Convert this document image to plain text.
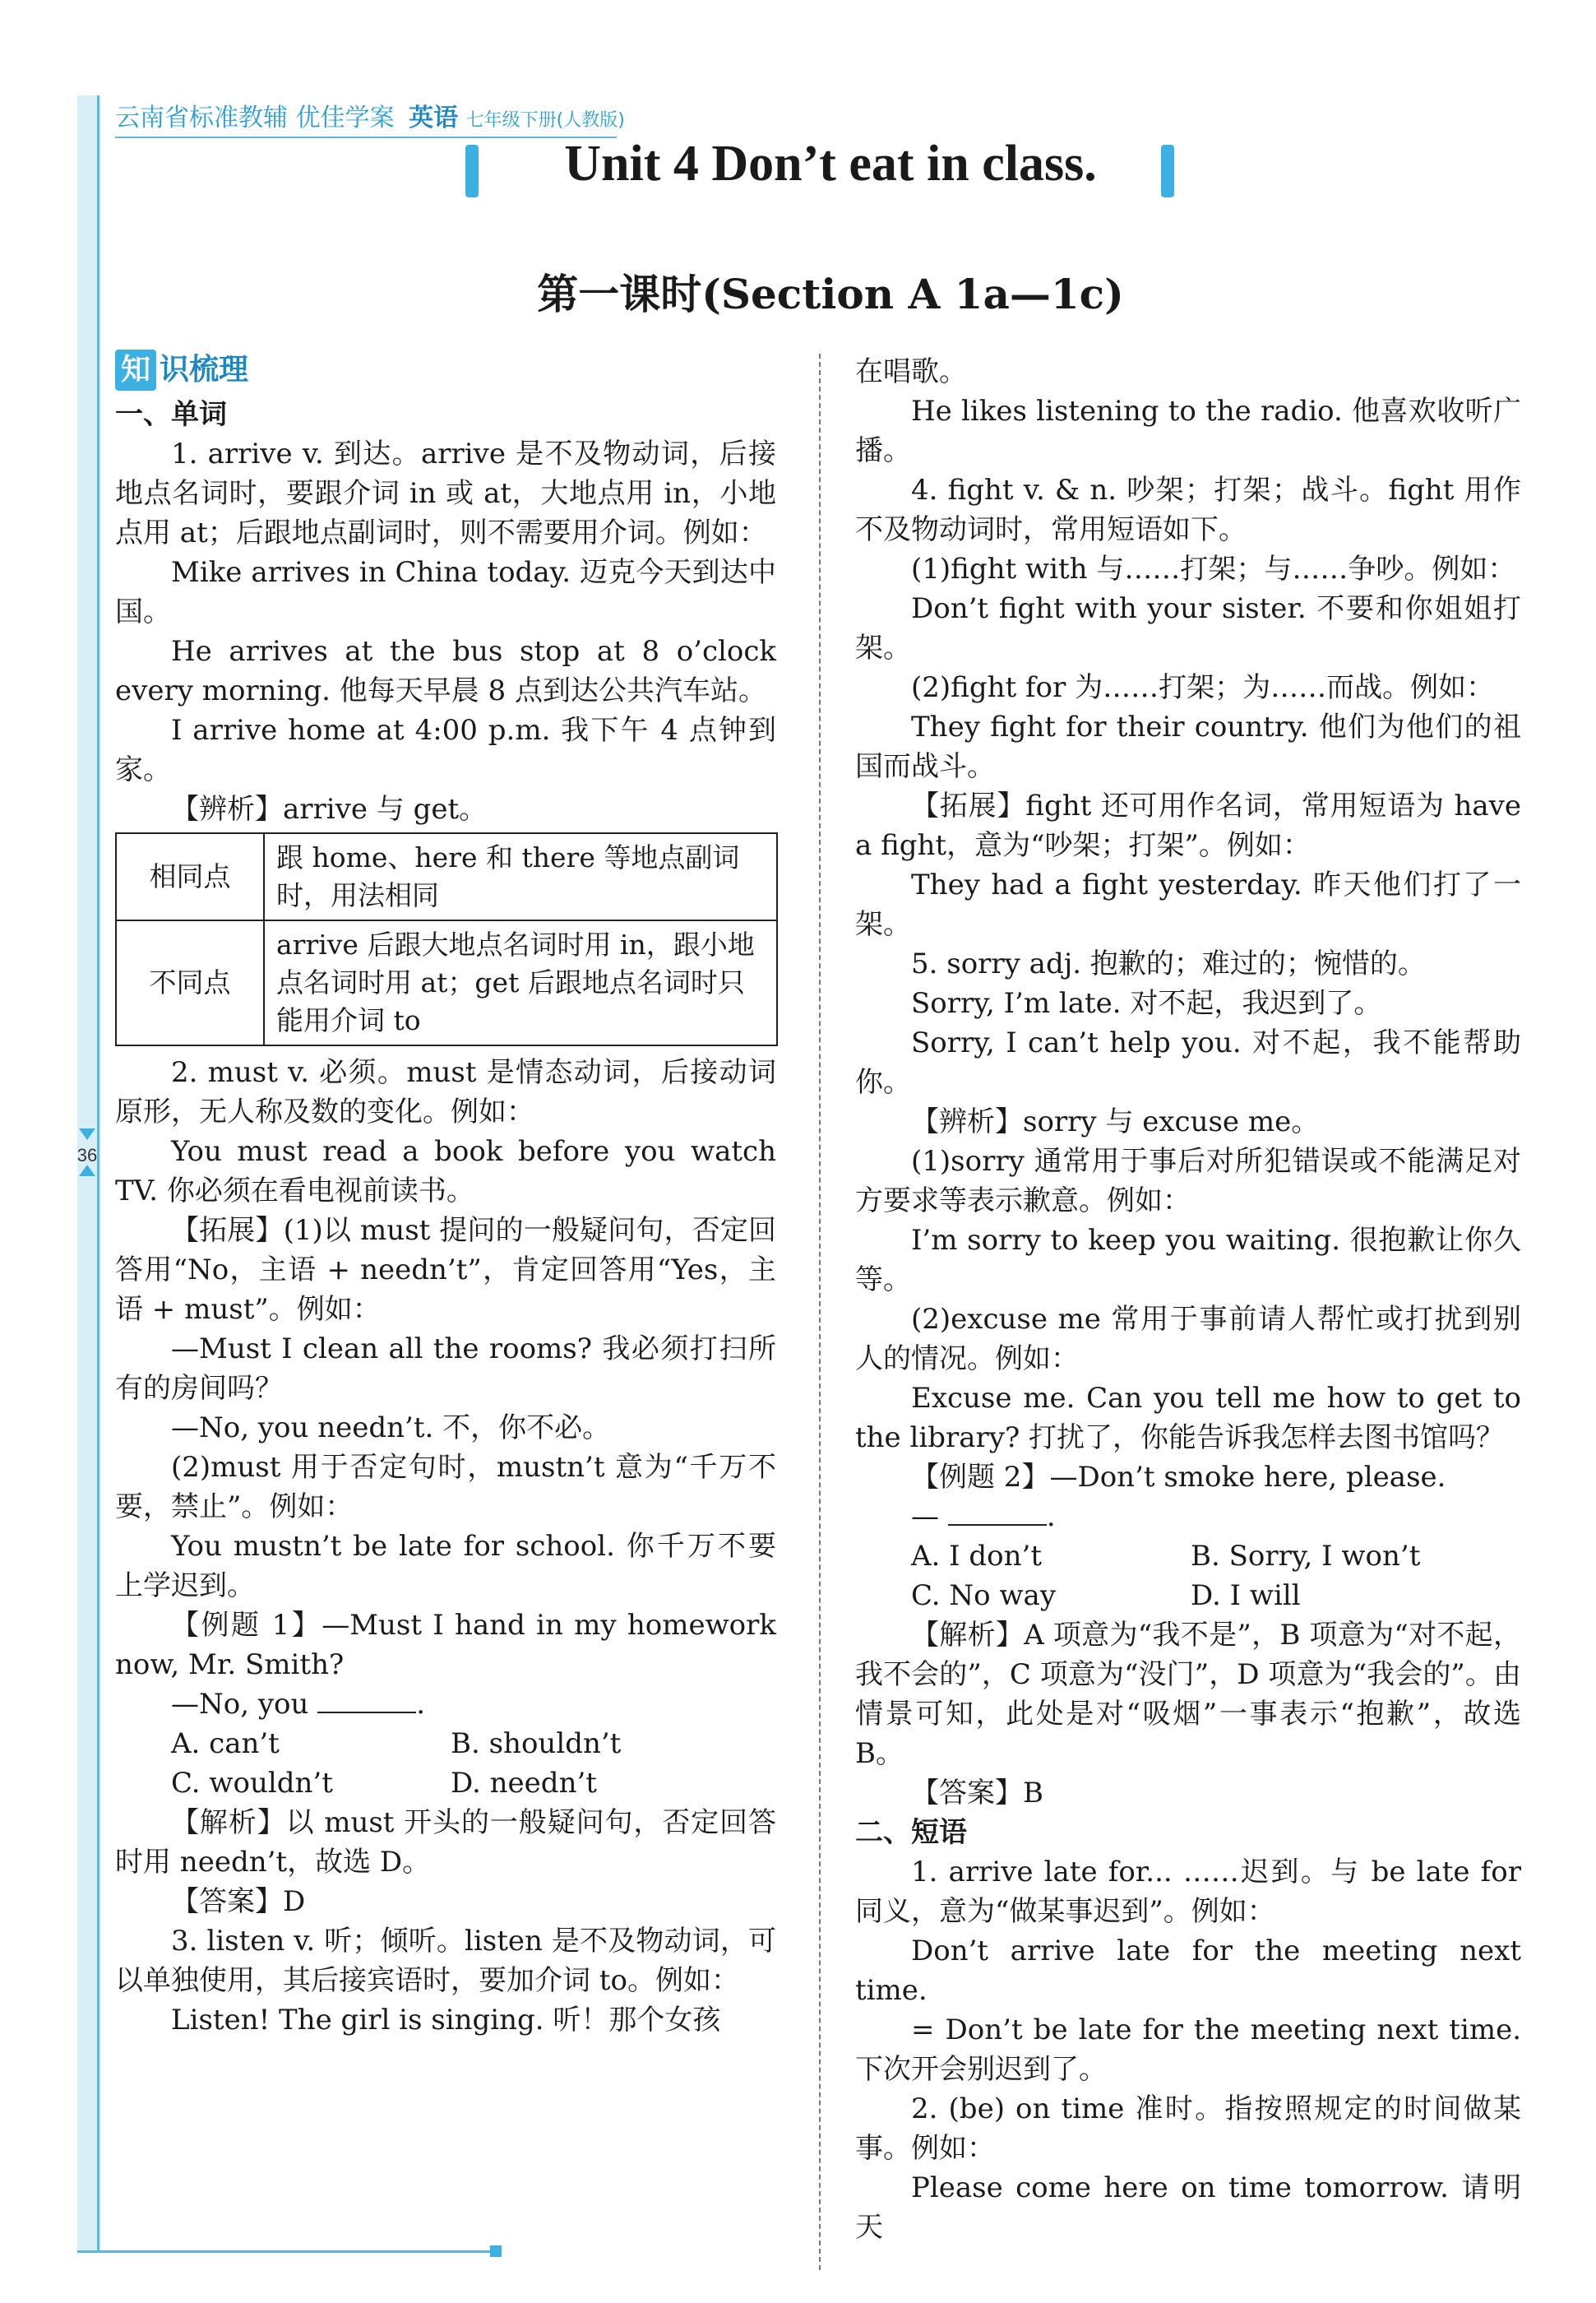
云南省标准教辅 优佳学案 英语 七年级下册(人教版)
Unit 4 Don’t eat in class.
第一课时(Section A 1a—1c)
36
知 识梳理

一、单词

1. arrive v. 到达。arrive 是不及物动词，后接地点名词时，要跟介词 in 或 at，大地点用 in，小地点用 at；后跟地点副词时，则不需要用介词。例如：

Mike arrives in China today. 迈克今天到达中国。

He arrives at the bus stop at 8 o’clock every morning. 他每天早晨 8 点到达公共汽车站。

I arrive home at 4:00 p.m. 我下午 4 点钟到家。

【辨析】arrive 与 get。

相同点	跟 home、here 和 there 等地点副词时，用法相同
不同点	arrive 后跟大地点名词时用 in，跟小地点名词时用 at；get 后跟地点名词时只能用介词 to

2. must v. 必须。must 是情态动词，后接动词原形，无人称及数的变化。例如：

You must read a book before you watch TV. 你必须在看电视前读书。

【拓展】(1)以 must 提问的一般疑问句，否定回答用“No，主语 + needn’t”，肯定回答用“Yes，主语 + must”。例如：

—Must I clean all the rooms? 我必须打扫所有的房间吗？

—No, you needn’t. 不，你不必。

(2)must 用于否定句时，mustn’t 意为“千万不要，禁止”。例如：

You mustn’t be late for school. 你千万不要上学迟到。

【例题 1】—Must I hand in my homework now, Mr. Smith?

—No, you	.

A. can’t	B. shouldn’t
C. wouldn’t	D. needn’t

【解析】以 must 开头的一般疑问句，否定回答时用 needn’t，故选 D。

【答案】D

3. listen v. 听；倾听。listen 是不及物动词，可以单独使用，其后接宾语时，要加介词 to。例如：

Listen! The girl is singing. 听！那个女孩

在唱歌。

He likes listening to the radio. 他喜欢收听广播。

4. fight v. & n. 吵架；打架；战斗。fight 用作不及物动词时，常用短语如下。

(1)fight with 与……打架；与……争吵。例如：

Don’t fight with your sister. 不要和你姐姐打架。

(2)fight for 为……打架；为……而战。例如：

They fight for their country. 他们为他们的祖国而战斗。

【拓展】fight 还可用作名词，常用短语为 have a fight，意为“吵架；打架”。例如：

They had a fight yesterday. 昨天他们打了一架。

5. sorry adj. 抱歉的；难过的；惋惜的。

Sorry, I’m late. 对不起，我迟到了。

Sorry, I can’t help you. 对不起，我不能帮助你。

【辨析】sorry 与 excuse me。

(1)sorry 通常用于事后对所犯错误或不能满足对方要求等表示歉意。例如：

I’m sorry to keep you waiting. 很抱歉让你久等。

(2)excuse me 常用于事前请人帮忙或打扰到别人的情况。例如：

Excuse me. Can you tell me how to get to the library? 打扰了，你能告诉我怎样去图书馆吗？

【例题 2】—Don’t smoke here, please.

—	.

A. I don’t	B. Sorry, I won’t
C. No way	D. I will

【解析】A 项意为“我不是”，B 项意为“对不起，我不会的”，C 项意为“没门”，D 项意为“我会的”。由情景可知，此处是对“吸烟”一事表示“抱歉”，故选 B。

【答案】B

二、短语

1. arrive late for... ……迟到。与 be late for 同义，意为“做某事迟到”。例如：

Don’t arrive late for the meeting next time.

= Don’t be late for the meeting next time. 下次开会别迟到了。

2. (be) on time 准时。指按照规定的时间做某事。例如：

Please come here on time tomorrow. 请明天
